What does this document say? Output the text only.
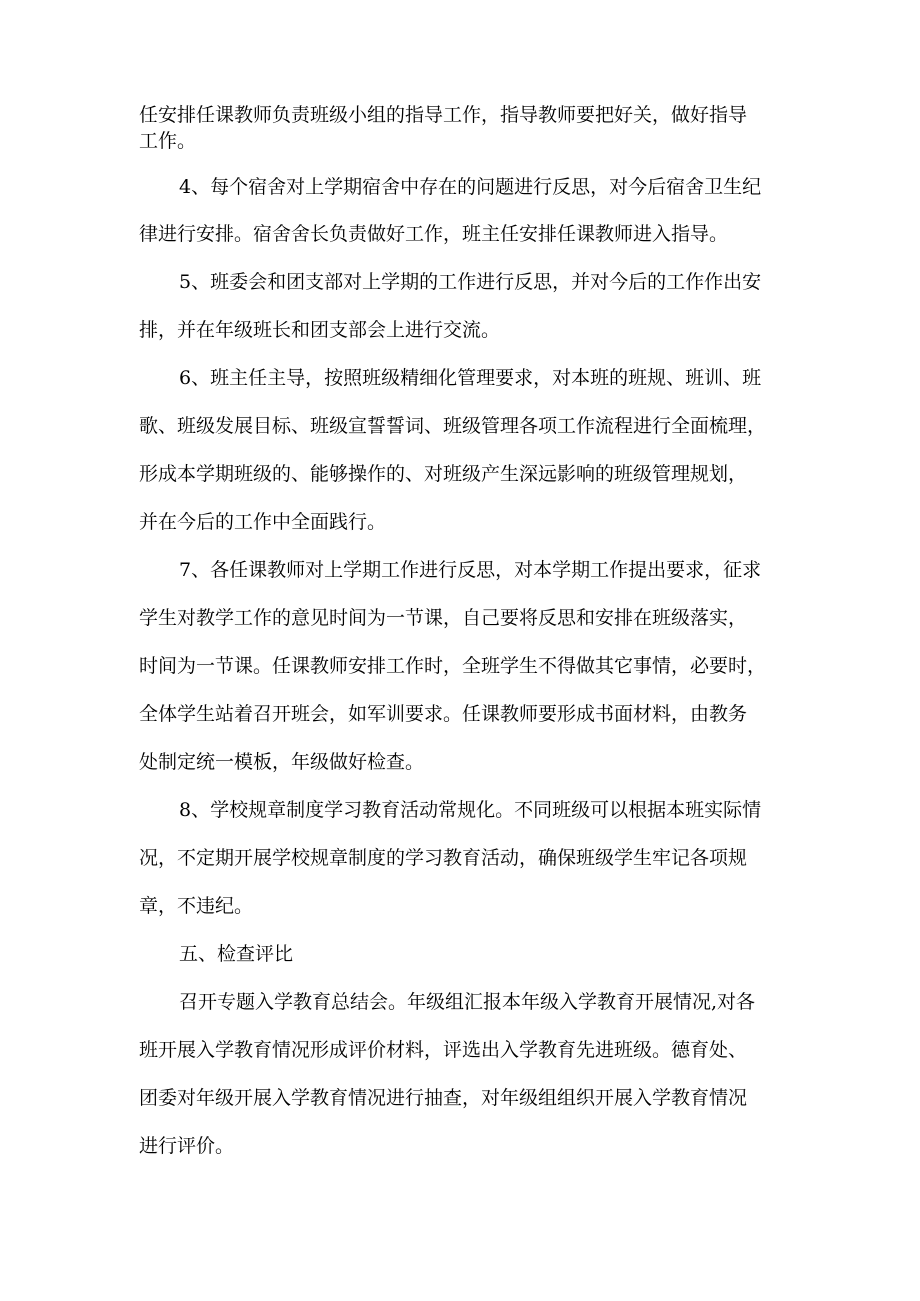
任安排任课教师负责班级小组的指导工作，指导教师要把好关，做好指导
工作。
4、每个宿舍对上学期宿舍中存在的问题进行反思，对今后宿舍卫生纪
律进行安排。宿舍舍长负责做好工作，班主任安排任课教师进入指导。
5、班委会和团支部对上学期的工作进行反思，并对今后的工作作出安
排，并在年级班长和团支部会上进行交流。
6、班主任主导，按照班级精细化管理要求，对本班的班规、班训、班
歌、班级发展目标、班级宣誓誓词、班级管理各项工作流程进行全面梳理，
形成本学期班级的、能够操作的、对班级产生深远影响的班级管理规划，
并在今后的工作中全面践行。
7、各任课教师对上学期工作进行反思，对本学期工作提出要求，征求
学生对教学工作的意见时间为一节课，自己要将反思和安排在班级落实，
时间为一节课。任课教师安排工作时，全班学生不得做其它事情，必要时，
全体学生站着召开班会，如军训要求。任课教师要形成书面材料，由教务
处制定统一模板，年级做好检查。
8、学校规章制度学习教育活动常规化。不同班级可以根据本班实际情
况，不定期开展学校规章制度的学习教育活动，确保班级学生牢记各项规
章，不违纪。
五、检查评比
召开专题入学教育总结会。年级组汇报本年级入学教育开展情况,对各
班开展入学教育情况形成评价材料，评选出入学教育先进班级。德育处、
团委对年级开展入学教育情况进行抽查，对年级组组织开展入学教育情况
进行评价。
